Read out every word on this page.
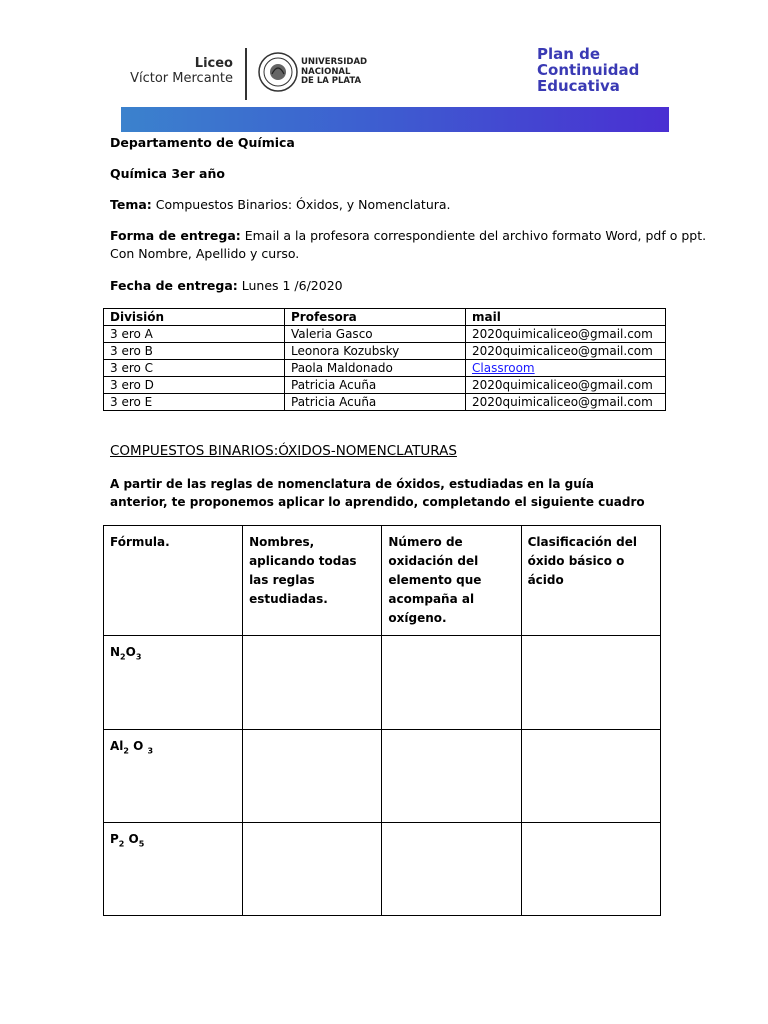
Liceo
Víctor Mercante
UNIVERSIDAD
NACIONAL
DE LA PLATA
Plan de
Continuidad
Educativa
Departamento de Química
Química 3er año
Tema: Compuestos Binarios: Óxidos, y Nomenclatura.
Forma de entrega: Email a la profesora correspondiente del archivo formato Word, pdf o ppt.
Con Nombre, Apellido y curso.
Fecha de entrega: Lunes 1 /6/2020
División	Profesora	mail
3 ero A	Valeria Gasco	2020quimicaliceo@gmail.com
3 ero B	Leonora Kozubsky	2020quimicaliceo@gmail.com
3 ero C	Paola Maldonado	Classroom
3 ero D	Patricia Acuña	2020quimicaliceo@gmail.com
3 ero E	Patricia Acuña	2020quimicaliceo@gmail.com
COMPUESTOS BINARIOS:ÓXIDOS-NOMENCLATURAS
A partir de las reglas de nomenclatura de óxidos, estudiadas en la guía anterior, te proponemos aplicar lo aprendido, completando el siguiente cuadro
Fórmula.	Nombres, aplicando todas las reglas estudiadas.	Número de oxidación del elemento que acompaña al oxígeno.	Clasificación del óxido básico o ácido
$N_2O_3$			
$Al_2$ O $_3$			
$P_2$ $O_5$			
